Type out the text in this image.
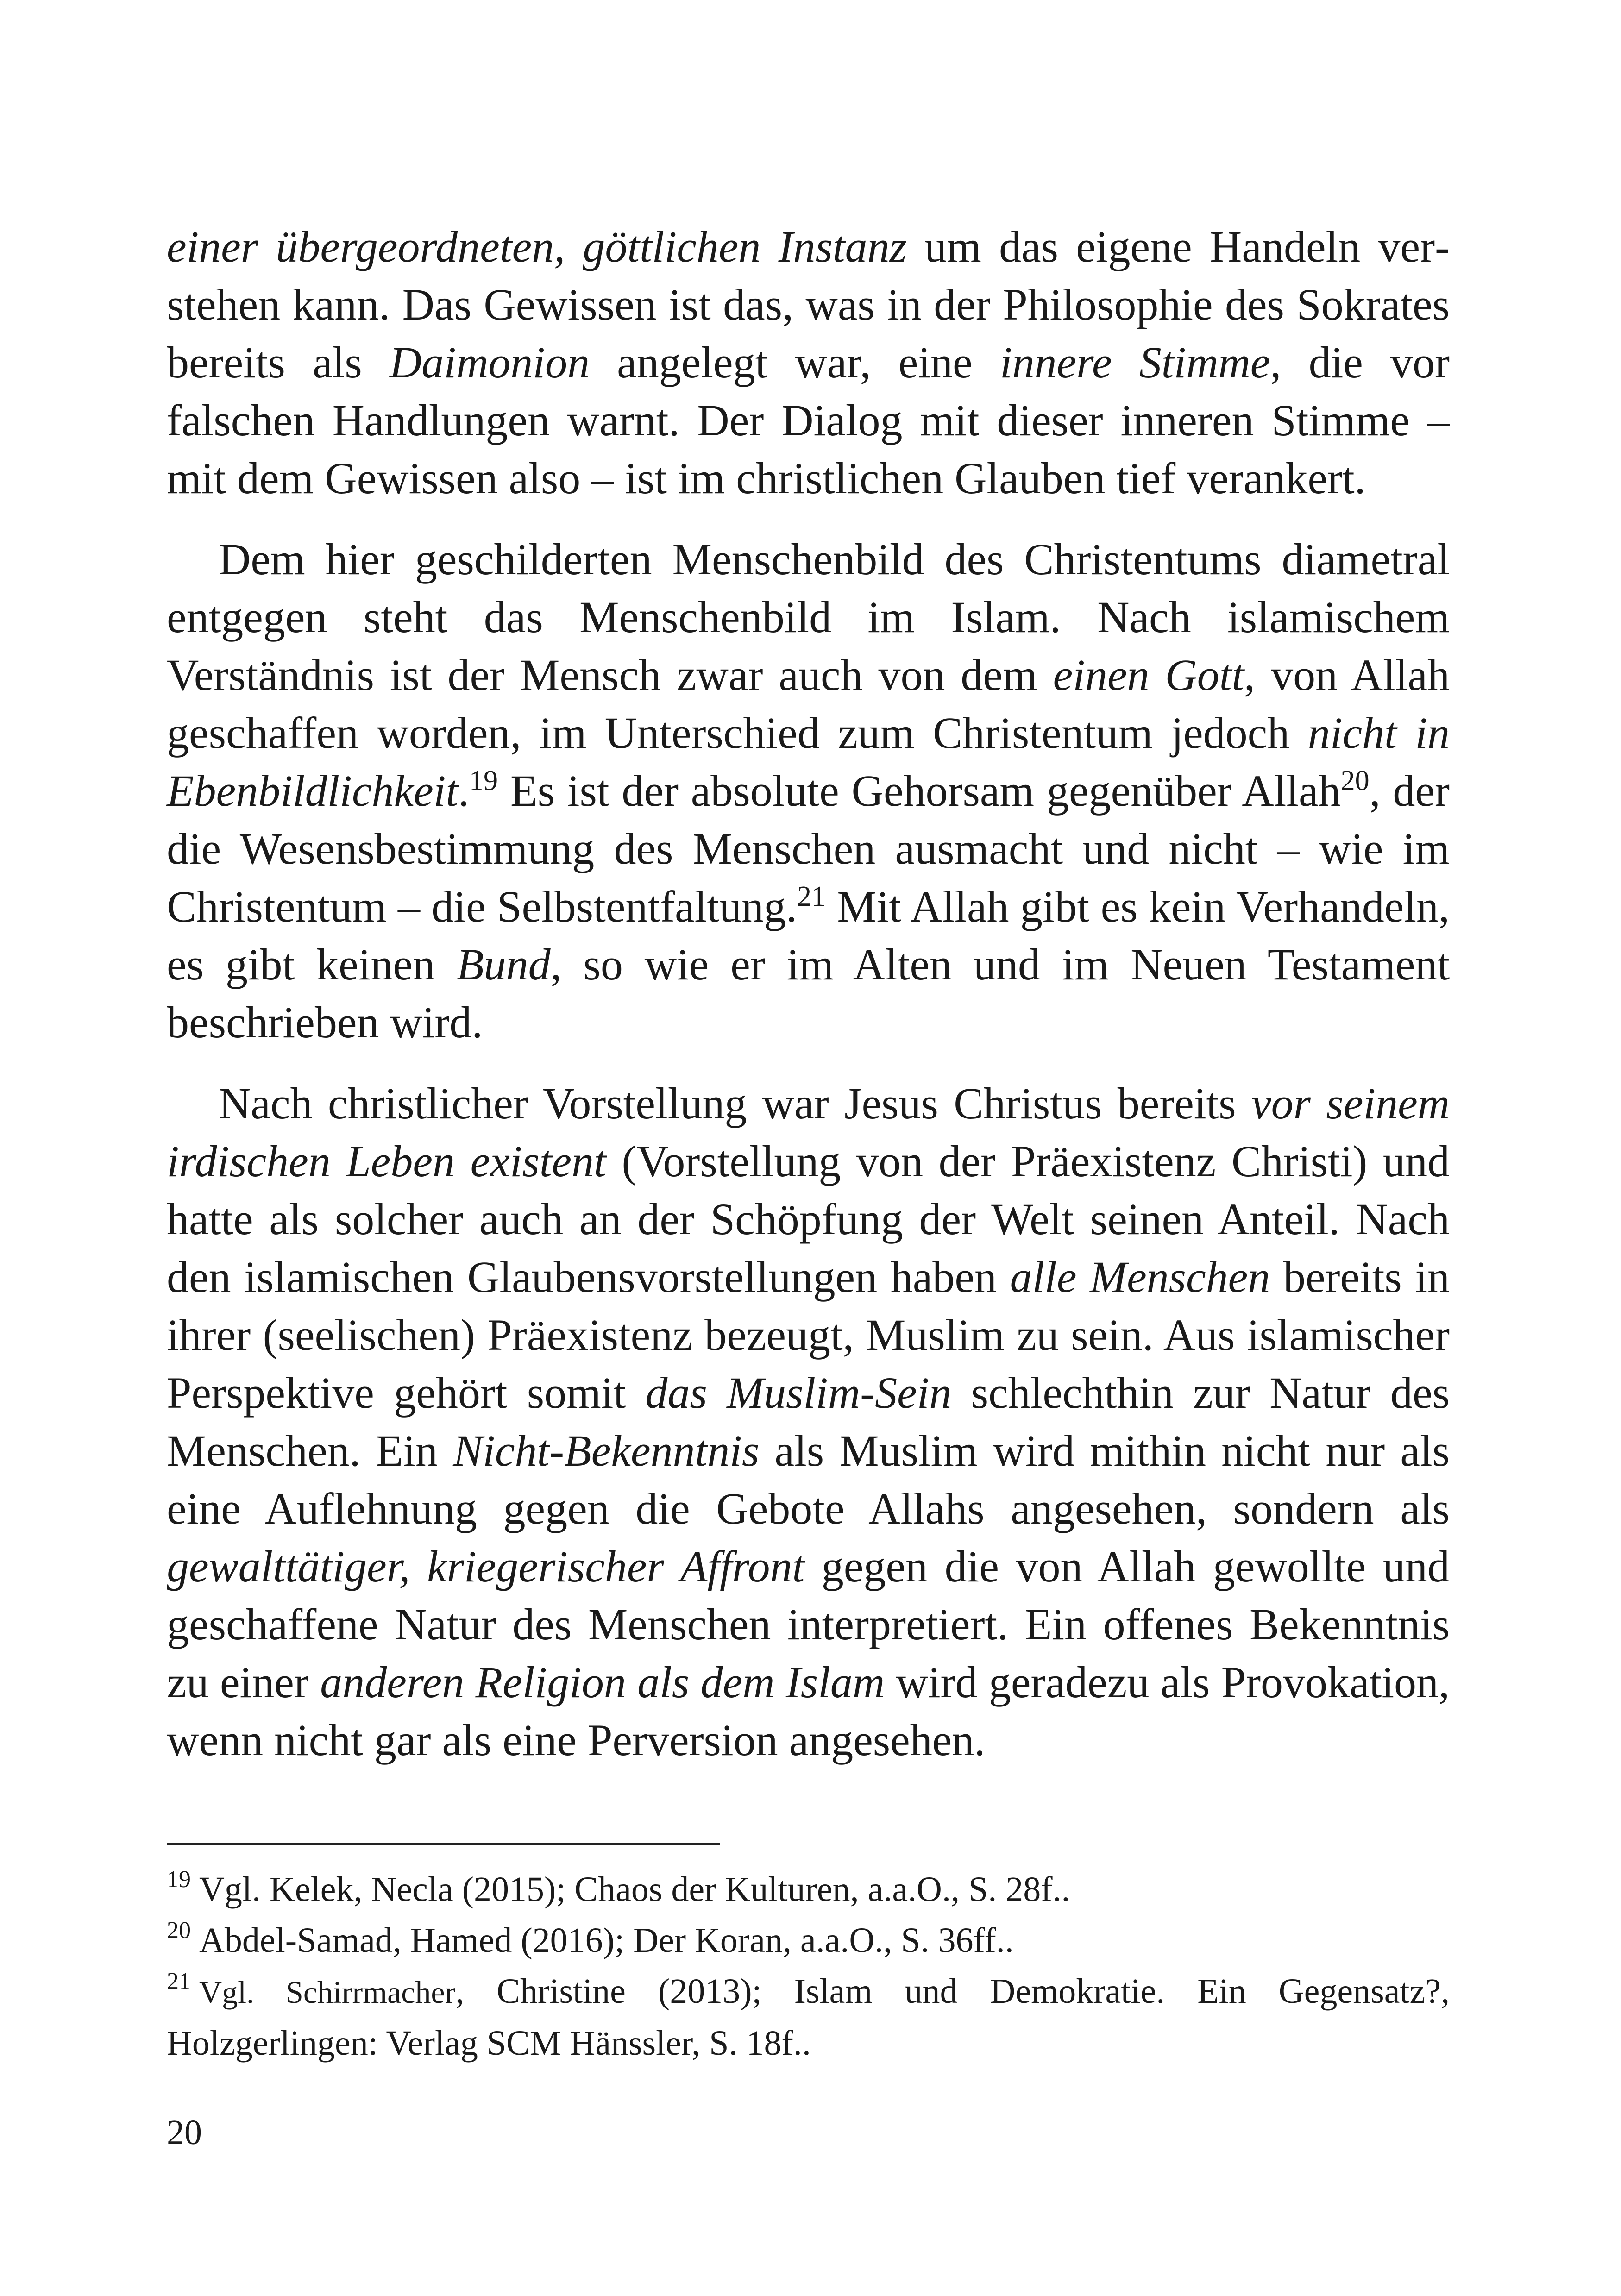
einer übergeordneten, göttlichen Instanz um das eigene Handeln verstehen kann. Das Gewissen ist das, was in der Philosophie des Sokrates bereits als Daimonion angelegt war, eine innere Stimme, die vor falschen Handlungen warnt. Der Dialog mit dieser inneren Stimme – mit dem Gewissen also – ist im christlichen Glauben tief verankert.

Dem hier geschilderten Menschenbild des Christentums diametral entgegen steht das Menschenbild im Islam. Nach islamischem Verständnis ist der Mensch zwar auch von dem einen Gott, von Allah geschaffen worden, im Unterschied zum Christentum jedoch nicht in Ebenbildlichkeit.$^{19}$ Es ist der absolute Gehorsam gegenüber Allah$^{20}$, der die Wesensbestimmung des Menschen ausmacht und nicht – wie im Christentum – die Selbstentfaltung.$^{21}$ Mit Allah gibt es kein Verhandeln, es gibt keinen Bund, so wie er im Alten und im Neuen Testament beschrieben wird.

Nach christlicher Vorstellung war Jesus Christus bereits vor seinem irdischen Leben existent (Vorstellung von der Präexistenz Christi) und hatte als solcher auch an der Schöpfung der Welt seinen Anteil. Nach den islamischen Glaubensvorstellungen haben alle Menschen bereits in ihrer (seelischen) Präexistenz bezeugt, Muslim zu sein. Aus islamischer Perspektive gehört somit das Muslim-Sein schlechthin zur Natur des Menschen. Ein Nicht-Bekenntnis als Muslim wird mithin nicht nur als eine Auflehnung gegen die Gebote Allahs angesehen, sondern als gewalttätiger, kriegerischer Affront gegen die von Allah gewollte und geschaffene Natur des Menschen interpretiert. Ein offenes Bekenntnis zu einer anderen Religion als dem Islam wird geradezu als Provokation, wenn nicht gar als eine Perversion angesehen.

$^{19}$ Vgl. Kelek, Necla (2015); Chaos der Kulturen, a.a.O., S. 28f..

$^{20}$ Abdel-Samad, Hamed (2016); Der Koran, a.a.O., S. 36ff..

$^{21}$ Vgl. Schirrmacher, Christine (2013); Islam und Demokratie. Ein Gegensatz?, Holzgerlingen: Verlag SCM Hänssler, S. 18f..

20
